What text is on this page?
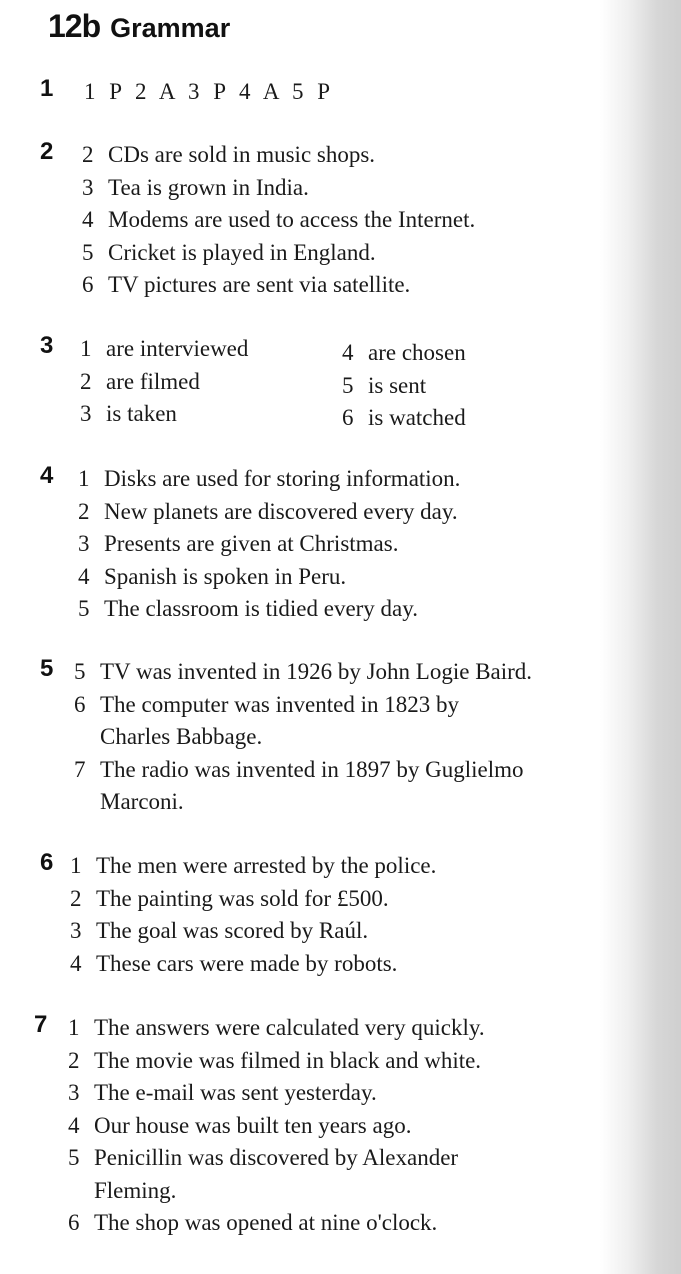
12b Grammar
1 1 P 2 A 3 P 4 A 5 P
2 2 CDs are sold in music shops.
3 Tea is grown in India.
4 Modems are used to access the Internet.
5 Cricket is played in England.
6 TV pictures are sent via satellite.
3 1 are interviewed
2 are filmed
3 is taken
4 are chosen
5 is sent
6 is watched
4 1 Disks are used for storing information.
2 New planets are discovered every day.
3 Presents are given at Christmas.
4 Spanish is spoken in Peru.
5 The classroom is tidied every day.
5 5 TV was invented in 1926 by John Logie Baird.
6 The computer was invented in 1823 by
Charles Babbage.
7 The radio was invented in 1897 by Guglielmo
Marconi.
6 1 The men were arrested by the police.
2 The painting was sold for £500.
3 The goal was scored by Raúl.
4 These cars were made by robots.
7 1 The answers were calculated very quickly.
2 The movie was filmed in black and white.
3 The e-mail was sent yesterday.
4 Our house was built ten years ago.
5 Penicillin was discovered by Alexander
Fleming.
6 The shop was opened at nine o'clock.
